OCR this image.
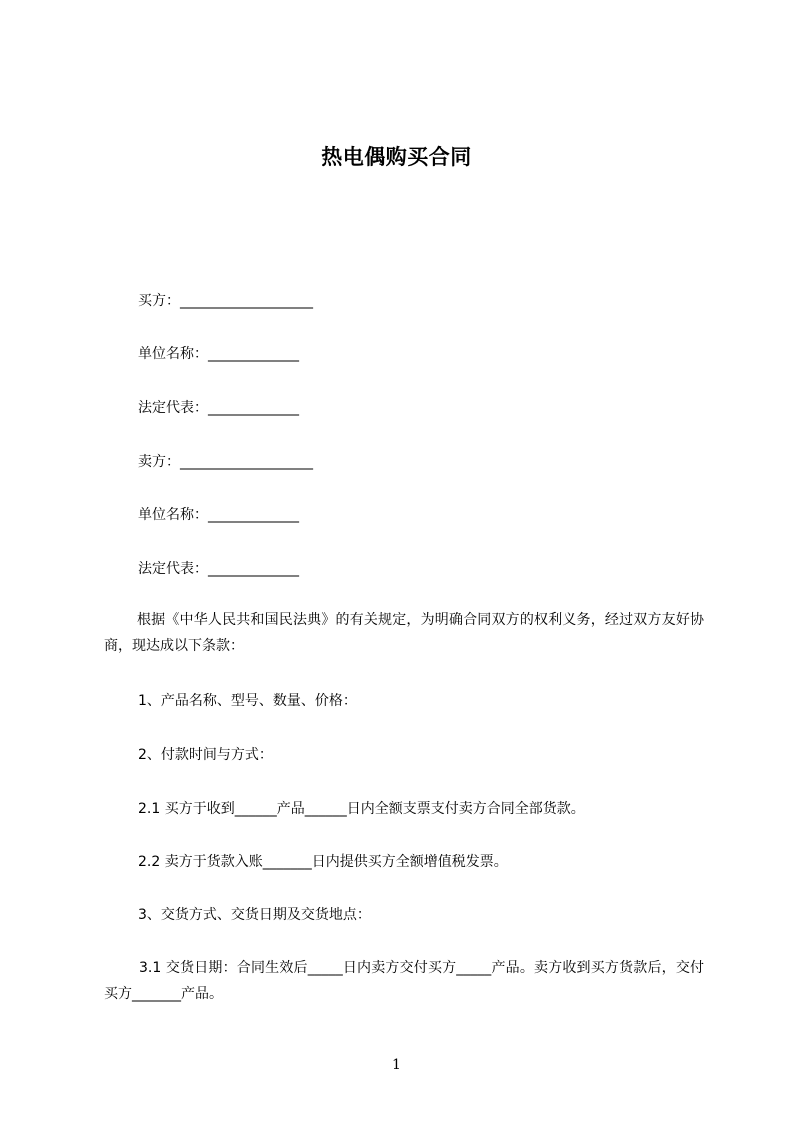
热电偶购买合同
买方：___________________
单位名称：_____________
法定代表：_____________
卖方：___________________
单位名称：_____________
法定代表：_____________
根据《中华人民共和国民法典》的有关规定，为明确合同双方的权利义务，经过双方友好协商，现达成以下条款：
1、产品名称、型号、数量、价格：
2、付款时间与方式：
2.1 买方于收到______产品______日内全额支票支付卖方合同全部货款。
2.2 卖方于货款入账_______日内提供买方全额增值税发票。
3、交货方式、交货日期及交货地点：
3.1 交货日期：合同生效后_____日内卖方交付买方_____产品。卖方收到买方货款后，交付买方_______产品。
1
